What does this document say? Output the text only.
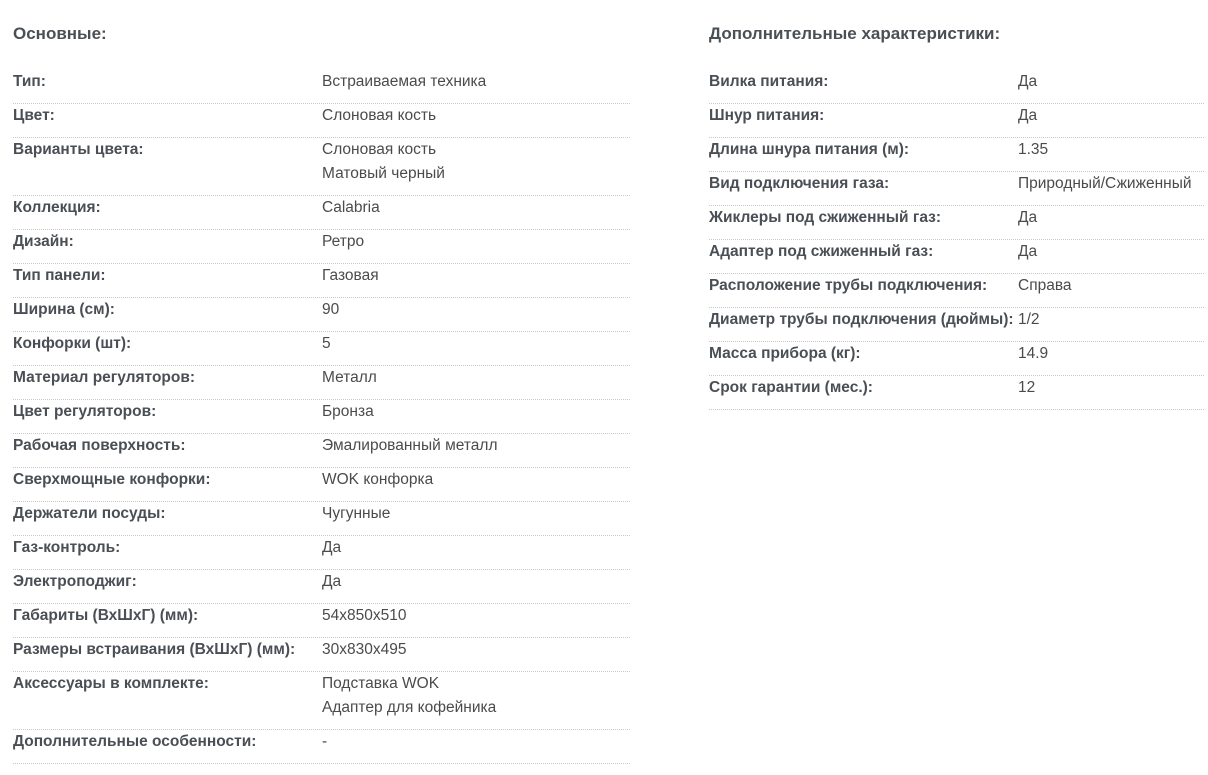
Основные:
Тип:	Встраиваемая техника
Цвет:	Слоновая кость
Варианты цвета:	Слоновая кость
Матовый черный
Коллекция:	Calabria
Дизайн:	Ретро
Тип панели:	Газовая
Ширина (см):	90
Конфорки (шт):	5
Материал регуляторов:	Металл
Цвет регуляторов:	Бронза
Рабочая поверхность:	Эмалированный металл
Сверхмощные конфорки:	WOK конфорка
Держатели посуды:	Чугунные
Газ-контроль:	Да
Электроподжиг:	Да
Габариты (ВхШхГ) (мм):	54x850x510
Размеры встраивания (ВхШхГ) (мм):	30x830x495
Аксессуары в комплекте:	Подставка WOK
Адаптер для кофейника
Дополнительные особенности:	-
Дополнительные характеристики:
Вилка питания:	Да
Шнур питания:	Да
Длина шнура питания (м):	1.35
Вид подключения газа:	Природный/Сжиженный
Жиклеры под сжиженный газ:	Да
Адаптер под сжиженный газ:	Да
Расположение трубы подключения:	Справа
Диаметр трубы подключения (дюймы): 1/2
Масса прибора (кг):	14.9
Срок гарантии (мес.):	12
